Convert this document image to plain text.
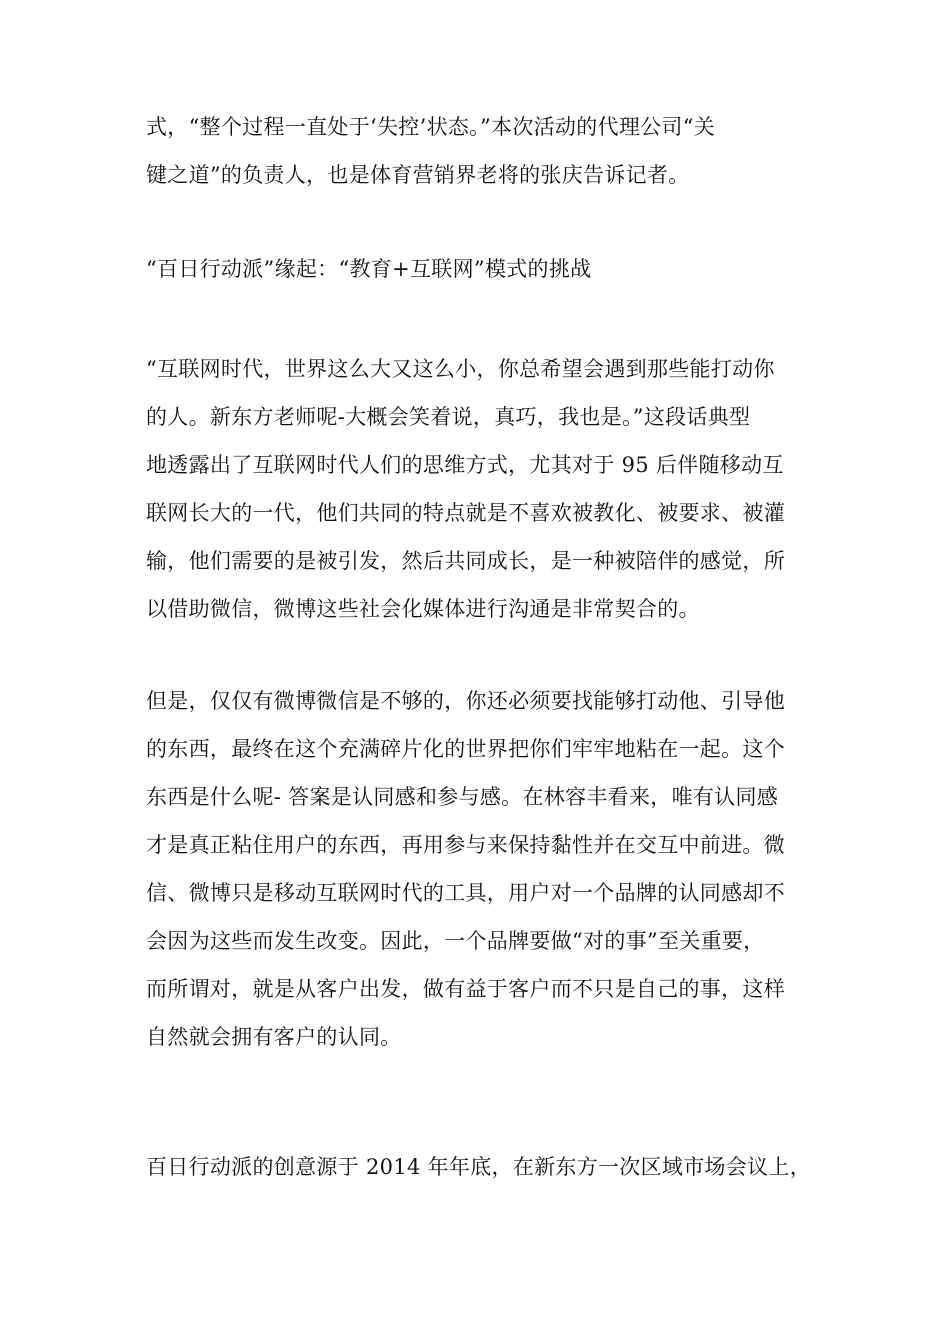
式，“整个过程一直处于‘失控’状态。”本次活动的代理公司“关
键之道”的负责人，也是体育营销界老将的张庆告诉记者。
“百日行动派”缘起：“教育+互联网”模式的挑战
“互联网时代，世界这么大又这么小，你总希望会遇到那些能打动你
的人。新东方老师呢-大概会笑着说，真巧，我也是。”这段话典型
地透露出了互联网时代人们的思维方式，尤其对于 95 后伴随移动互
联网长大的一代，他们共同的特点就是不喜欢被教化、被要求、被灌
输，他们需要的是被引发，然后共同成长，是一种被陪伴的感觉，所
以借助微信，微博这些社会化媒体进行沟通是非常契合的。
但是，仅仅有微博微信是不够的，你还必须要找能够打动他、引导他
的东西，最终在这个充满碎片化的世界把你们牢牢地粘在一起。这个
东西是什么呢- 答案是认同感和参与感。在林容丰看来，唯有认同感
才是真正粘住用户的东西，再用参与来保持黏性并在交互中前进。微
信、微博只是移动互联网时代的工具，用户对一个品牌的认同感却不
会因为这些而发生改变。因此，一个品牌要做“对的事”至关重要，
而所谓对，就是从客户出发，做有益于客户而不只是自己的事，这样
自然就会拥有客户的认同。
百日行动派的创意源于 2014 年年底，在新东方一次区域市场会议上，
